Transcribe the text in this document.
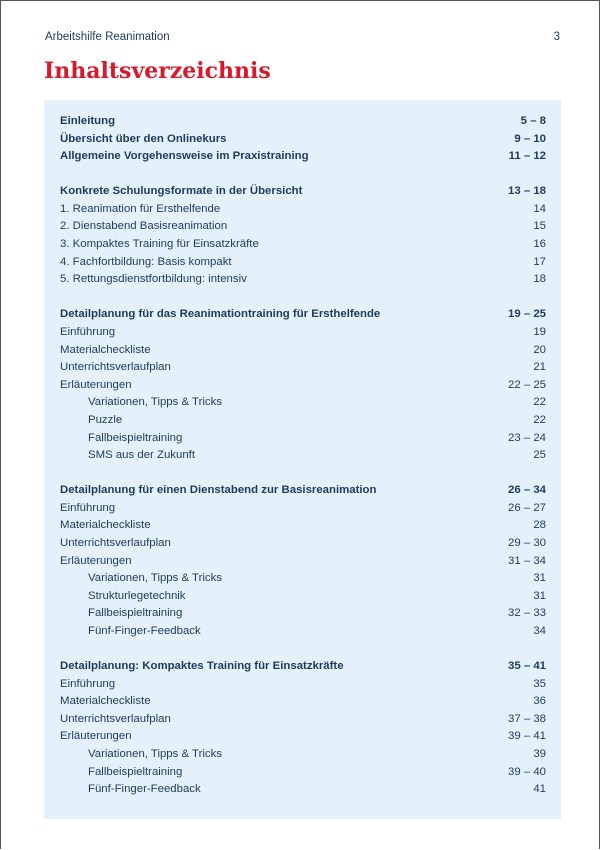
Arbeitshilfe Reanimation	3
Inhaltsverzeichnis
Einleitung	5 – 8
Übersicht über den Onlinekurs	9 – 10
Allgemeine Vorgehensweise im Praxistraining	11 – 12
Konkrete Schulungsformate in der Übersicht	13 – 18
1. Reanimation für Ersthelfende	14
2. Dienstabend Basisreanimation	15
3. Kompaktes Training für Einsatzkräfte	16
4. Fachfortbildung: Basis kompakt	17
5. Rettungsdienstfortbildung: intensiv	18
Detailplanung für das Reanimationtraining für Ersthelfende	19 – 25
Einführung	19
Materialcheckliste	20
Unterrichtsverlaufplan	21
Erläuterungen	22 – 25
Variationen, Tipps & Tricks	22
Puzzle	22
Fallbeispieltraining	23 – 24
SMS aus der Zukunft	25
Detailplanung für einen Dienstabend zur Basisreanimation	26 – 34
Einführung	26 – 27
Materialcheckliste	28
Unterrichtsverlaufplan	29 – 30
Erläuterungen	31 – 34
Variationen, Tipps & Tricks	31
Strukturlegetechnik	31
Fallbeispieltraining	32 – 33
Fünf-Finger-Feedback	34
Detailplanung: Kompaktes Training für Einsatzkräfte	35 – 41
Einführung	35
Materialcheckliste	36
Unterrichtsverlaufplan	37 – 38
Erläuterungen	39 – 41
Variationen, Tipps & Tricks	39
Fallbeispieltraining	39 – 40
Fünf-Finger-Feedback	41
